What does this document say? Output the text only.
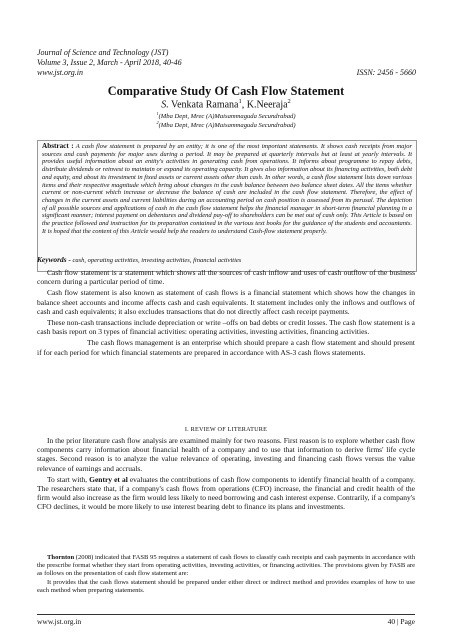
Journal of Science and Technology (JST)
Volume 3, Issue 2, March - April 2018, 40-46
www.jst.org.in	ISSN: 2456 - 5660
Comparative Study Of Cash Flow Statement
S. Venkata Ramana$^1$, K.Neeraja$^2$
$^1$(Mba Dept, Mrec (A)Maisammaguda Secundrabad)
$^2$(Mba Dept, Mrec (A)Maisammaguda Secundrabad)
Abstract : A cash flow statement is prepared by an entity; it is one of the most important statements. It shows cash receipts from major sources and cash payments for major uses during a period. It may be prepared at quarterly intervals but at least at yearly intervals. It provides useful information about an entity's activities in generating cash from operations. It informs about programme to repay debts, distribute dividends or reinvest to maintain or expand its operating capacity. It gives also information about its financing activities, both debt and equity, and about its investment in fixed assets or current assets other than cash. In other words, a cash flow statement lists down various items and their respective magnitude which bring about changes in the cash balance between two balance sheet dates. All the items whether current or non-current which increase or decrease the balance of cash are included in the cash flow statement. Therefore, the effect of changes in the current assets and current liabilities during an accounting period on cash position is assessed from its perusal. The depiction of all possible sources and applications of cash in the cash flow statement helps the financial manager in short-term financial planning in a significant manner; interest payment on debentures and dividend pay-off to shareholders can be met out of cash only. This Article is based on the practice followed and instruction for its preparation contained in the various text books for the guidance of the students and accountants. It is hoped that the content of this Article would help the readers to understand Cash-flow statement properly.
Keywords - cash, operating activities, investing activities, financial activities

Cash flow statement is a statement which shows all the sources of cash inflow and uses of cash outflow of the business concern during a particular period of time.

Cash flow statement is also known as statement of cash flows is a financial statement which shows how the changes in balance sheet accounts and income affects cash and cash equivalents. It statement includes only the inflows and outflows of cash and cash equivalents; it also excludes transactions that do not directly affect cash receipt payments.

These non-cash transactions include depreciation or write –offs on bad debts or credit losses. The cash flow statement is a cash basis report on 3 types of financial activities: operating activities, investing activities, financing activities.

The cash flows management is an enterprise which should prepare a cash flow statement and should present if for each period for which financial statements are prepared in accordance with AS-3 cash flows statements.

I. REVIEW OF LITERATURE

In the prior literature cash flow analysis are examined mainly for two reasons. First reason is to explore whether cash flow components carry information about financial health of a company and to use that information to derive firms' life cycle stages. Second reason is to analyze the value relevance of operating, investing and financing cash flows versus the value relevance of earnings and accruals.

To start with, Gentry et al evaluates the contributions of cash flow components to identify financial health of a company. The researchers state that, if a company's cash flows from operations (CFO) increase, the financial and credit health of the firm would also increase as the firm would less likely to need borrowing and cash interest expense. Contrarily, if a company's CFO declines, it would be more likely to use interest bearing debt to finance its plans and investments.

Thornton (2008) indicated that FASB 95 requires a statement of cash flows to classify cash receipts and cash payments in accordance with the prescribe format whether they start from operating activities, investing activities, or financing activities. The provisions given by FASB are as follows on the presentation of cash flow statement are:

It provides that the cash flows statement should be prepared under either direct or indirect method and provides examples of how to use each method when preparing statements.

www.jst.org.in	40 | Page
